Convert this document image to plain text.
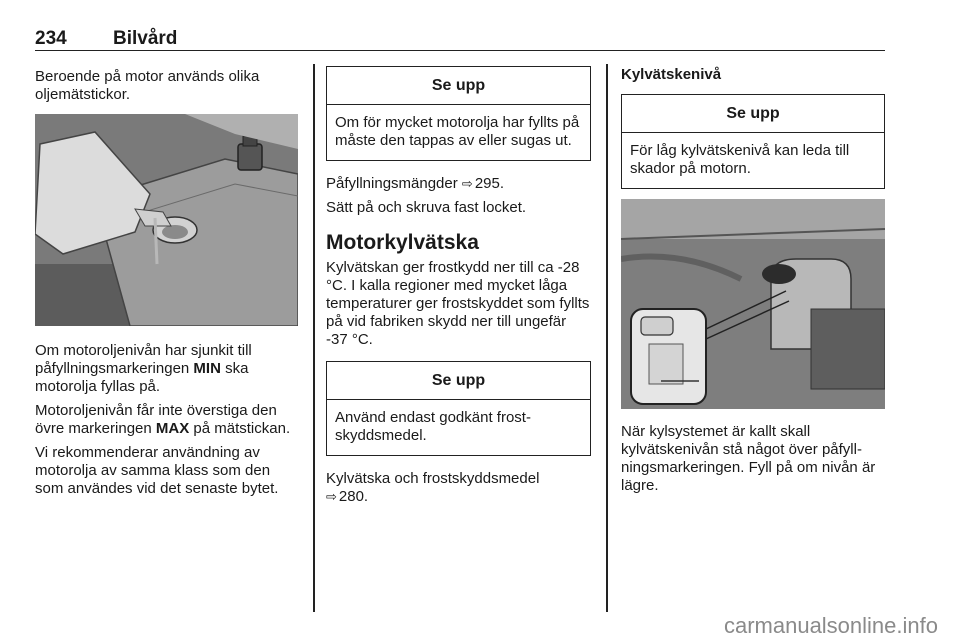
234 Bilvård

Beroende på motor används olika oljemätstickor.

Om motoroljenivån har sjunkit till påfyllningsmarkeringen MIN ska motorolja fyllas på.

Motoroljenivån får inte överstiga den övre markeringen MAX på mätstickan.

Vi rekommenderar användning av motorolja av samma klass som den som användes vid det senaste bytet.

Se upp
Om för mycket motorolja har fyllts på måste den tappas av eller sugas ut.

Påfyllningsmängder ⇨ 295.

Sätt på och skruva fast locket.

Motorkylvätska

Kylvätskan ger frostkydd ner till ca -28 °C. I kalla regioner med mycket låga temperaturer ger frostskyddet som fyllts på vid fabriken skydd ner till ungefär -37 °C.

Se upp
Använd endast godkänt frostskyddsmedel.

Kylvätska och frostskyddsmedel
⇨ 280.

Kylvätskenivå
Se upp
För låg kylvätskenivå kan leda till skador på motorn.

När kylsystemet är kallt skall kylvätskenivån stå något över påfyllningsmarkeringen. Fyll på om nivån är lägre.

carmanualsonline.info
